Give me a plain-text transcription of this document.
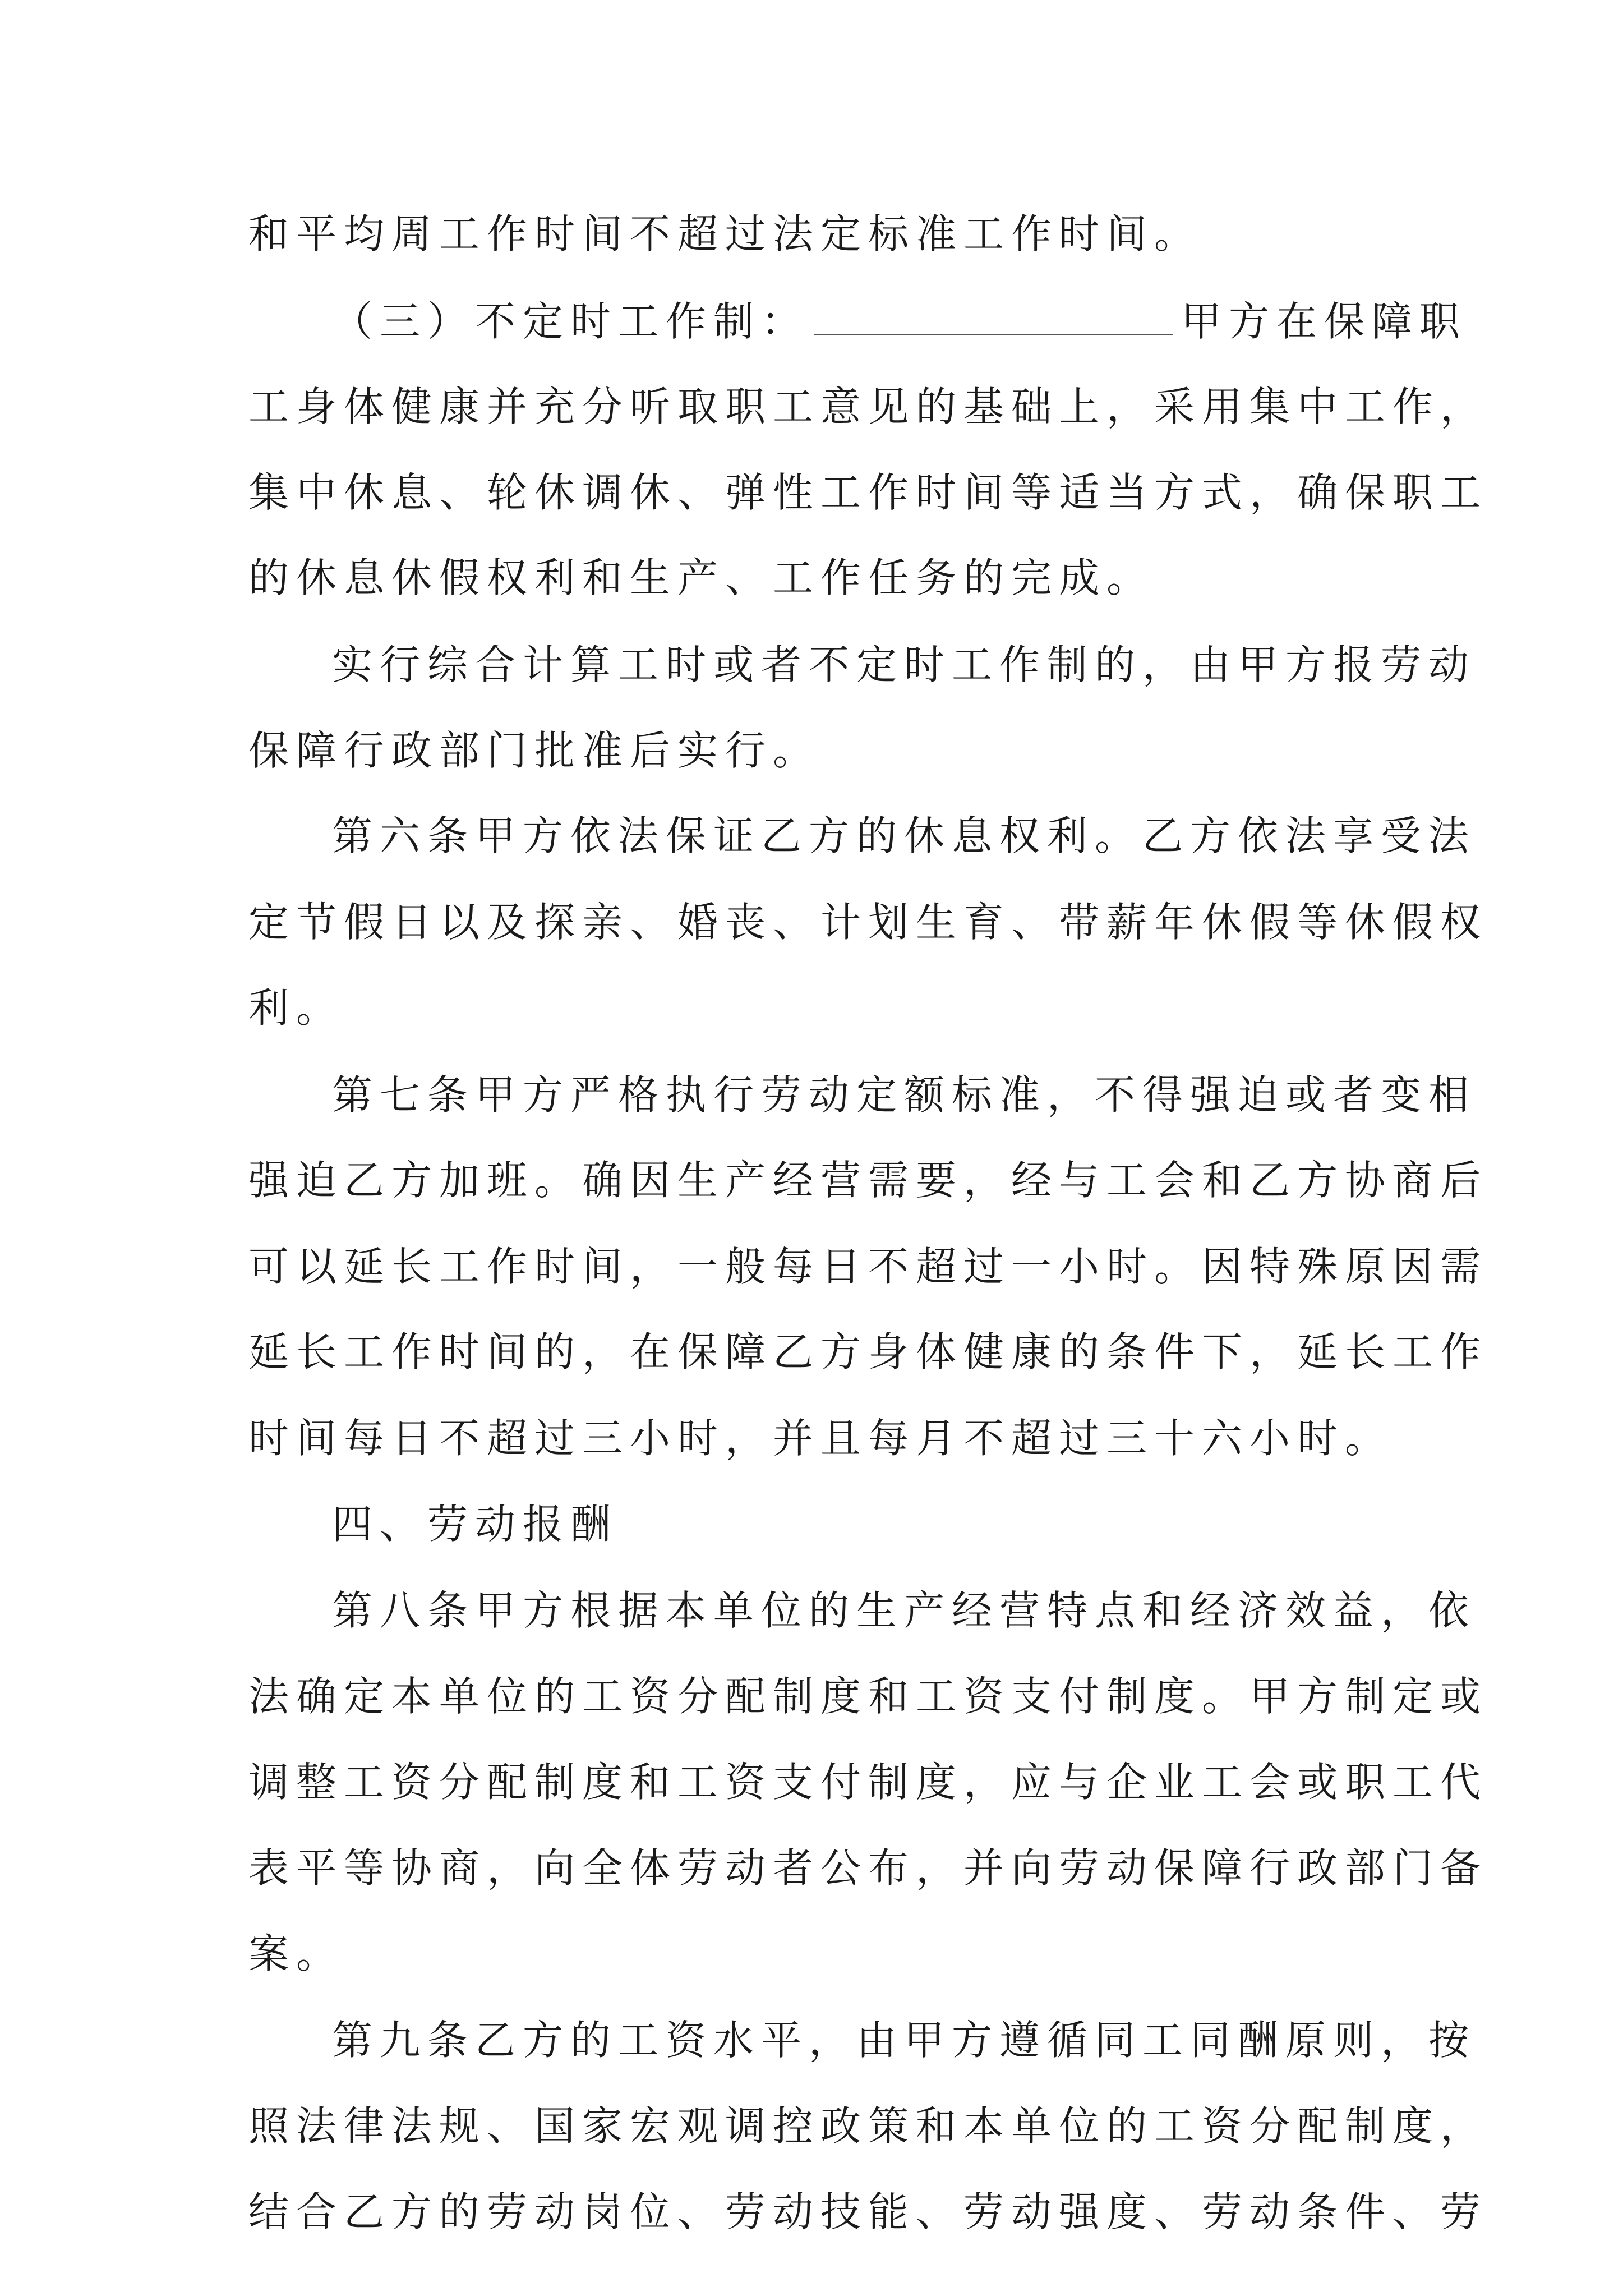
和平均周工作时间不超过法定标准工作时间。
（三）不定时工作制：	甲方在保障职
工身体健康并充分听取职工意见的基础上，采用集中工作，
集中休息、轮休调休、弹性工作时间等适当方式，确保职工
的休息休假权利和生产、工作任务的完成。
实行综合计算工时或者不定时工作制的，由甲方报劳动
保障行政部门批准后实行。
第六条甲方依法保证乙方的休息权利。乙方依法享受法
定节假日以及探亲、婚丧、计划生育、带薪年休假等休假权
利。
第七条甲方严格执行劳动定额标准，不得强迫或者变相
强迫乙方加班。确因生产经营需要，经与工会和乙方协商后
可以延长工作时间，一般每日不超过一小时。因特殊原因需
延长工作时间的，在保障乙方身体健康的条件下，延长工作
时间每日不超过三小时，并且每月不超过三十六小时。
四、劳动报酬
第八条甲方根据本单位的生产经营特点和经济效益，依
法确定本单位的工资分配制度和工资支付制度。甲方制定或
调整工资分配制度和工资支付制度，应与企业工会或职工代
表平等协商，向全体劳动者公布，并向劳动保障行政部门备
案。
第九条乙方的工资水平，由甲方遵循同工同酬原则，按
照法律法规、国家宏观调控政策和本单位的工资分配制度，
结合乙方的劳动岗位、劳动技能、劳动强度、劳动条件、劳
